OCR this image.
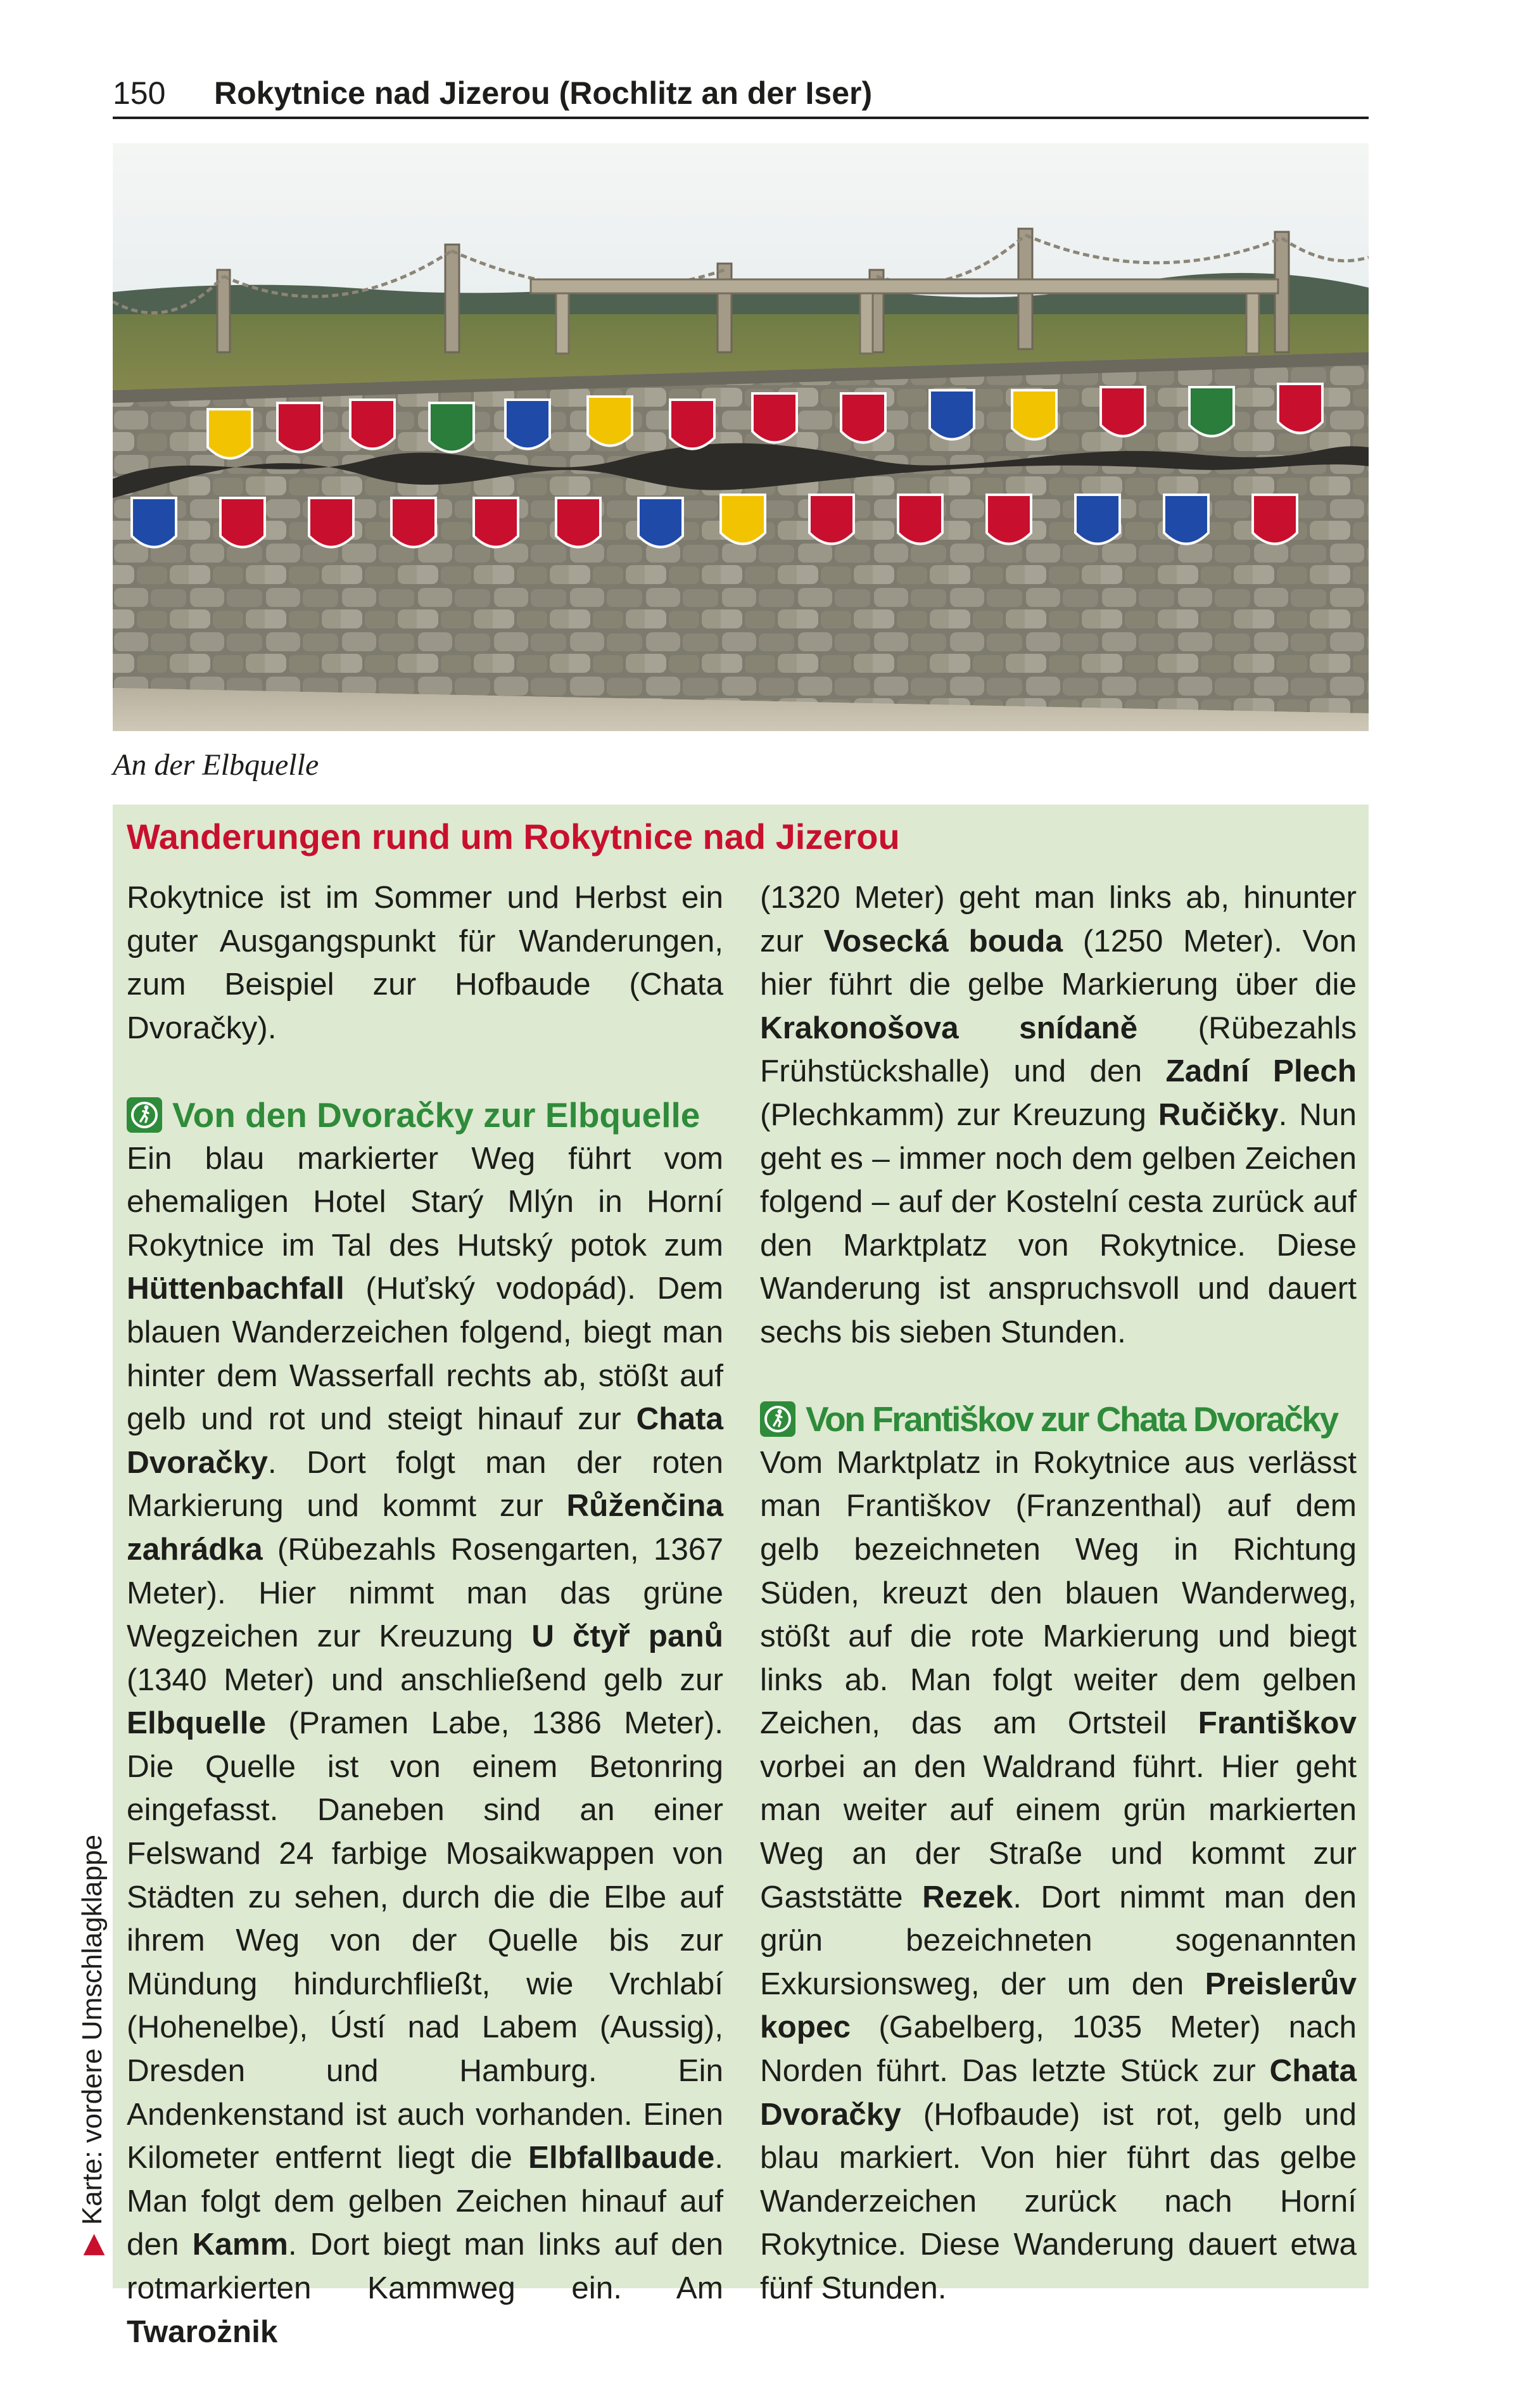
150 Rokytnice nad Jizerou (Rochlitz an der Iser)
An der Elbquelle
Wanderungen rund um Rokytnice nad Jizerou

Rokytnice ist im Sommer und Herbst ein guter Ausgangspunkt für Wanderungen, zum Beispiel zur Hofbaude (Chata Dvoračky).

Von den Dvoračky zur Elbquelle

Ein blau markierter Weg führt vom ehemaligen Hotel Starý Mlýn in Horní Rokytnice im Tal des Hutský potok zum Hüttenbachfall (Huťský vodopád). Dem blauen Wanderzeichen folgend, biegt man hinter dem Wasserfall rechts ab, stößt auf gelb und rot und steigt hinauf zur Chata Dvoračky. Dort folgt man der roten Markierung und kommt zur Růženčina zahrádka (Rübezahls Rosengarten, 1367 Meter). Hier nimmt man das grüne Wegzeichen zur Kreuzung U čtyř panů (1340 Meter) und anschließend gelb zur Elbquelle (Pramen Labe, 1386 Meter). Die Quelle ist von einem Betonring eingefasst. Daneben sind an einer Felswand 24 farbige Mosaikwappen von Städten zu sehen, durch die die Elbe auf ihrem Weg von der Quelle bis zur Mündung hindurchfließt, wie Vrchlabí (Hohenelbe), Ústí nad Labem (Aussig), Dresden und Hamburg. Ein Andenkenstand ist auch vorhanden. Einen Kilometer entfernt liegt die Elbfallbaude. Man folgt dem gelben Zeichen hinauf auf den Kamm. Dort biegt man links auf den rotmarkierten Kammweg ein. Am Twarożnik

(1320 Meter) geht man links ab, hinunter zur Vosecká bouda (1250 Meter). Von hier führt die gelbe Markierung über die Krakonošova snídaně (Rübezahls Frühstückshalle) und den Zadní Plech (Plechkamm) zur Kreuzung Ručičky. Nun geht es – immer noch dem gelben Zeichen folgend – auf der Kostelní cesta zurück auf den Marktplatz von Rokytnice. Diese Wanderung ist anspruchsvoll und dauert sechs bis sieben Stunden.

Von Františkov zur Chata Dvoračky

Vom Marktplatz in Rokytnice aus verlässt man Františkov (Franzenthal) auf dem gelb bezeichneten Weg in Richtung Süden, kreuzt den blauen Wanderweg, stößt auf die rote Markierung und biegt links ab. Man folgt weiter dem gelben Zeichen, das am Ortsteil Františkov vorbei an den Waldrand führt. Hier geht man weiter auf einem grün markierten Weg an der Straße und kommt zur Gaststätte Rezek. Dort nimmt man den grün bezeichneten sogenannten Exkursionsweg, der um den Preislerův kopec (Gabelberg, 1035 Meter) nach Norden führt. Das letzte Stück zur Chata Dvoračky (Hofbaude) ist rot, gelb und blau markiert. Von hier führt das gelbe Wanderzeichen zurück nach Horní Rokytnice. Diese Wanderung dauert etwa fünf Stunden.

▶Karte: vordere Umschlagklappe
